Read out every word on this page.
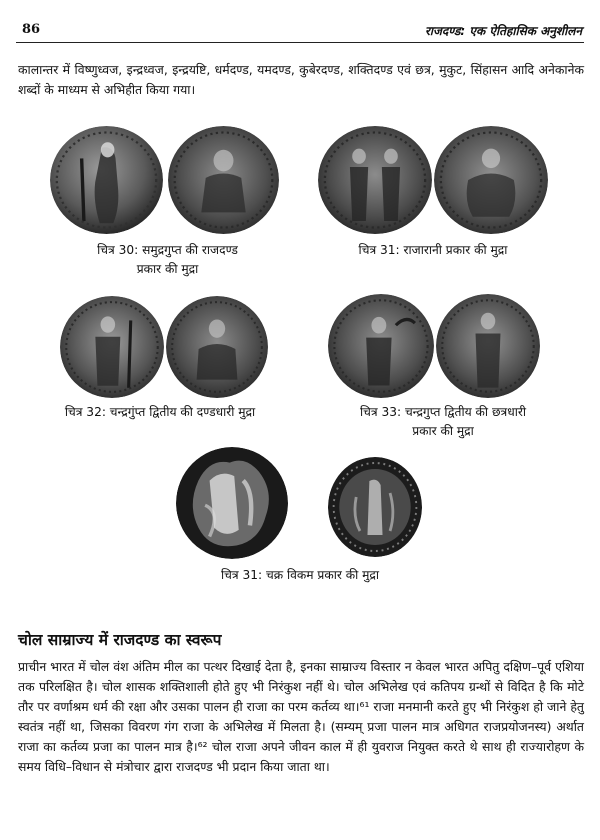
86	राजदण्ड: एक ऐतिहासिक अनुशीलन

कालान्तर में विष्णुध्वज, इन्द्रध्वज, इन्द्रयष्टि, धर्मदण्ड, यमदण्ड, कुबेरदण्ड, शक्तिदण्ड एवं छत्र, मुकुट, सिंहासन आदि अनेकानेक शब्दों के माध्यम से अभिहीत किया गया।

चित्र 30: समुद्रगुप्त की राजदण्ड
प्रकार की मुद्रा
चित्र 31: राजारानी प्रकार की मुद्रा
चित्र 32: चन्द्रगुंप्त द्वितीय की दण्डधारी मुद्रा	चित्र 33: चन्द्रगुप्त द्वितीय की छत्रधारी
प्रकार की मुद्रा
चित्र 31: चक्र विकम प्रकार की मुद्रा
चोल साम्राज्य में राजदण्ड का स्वरूप

प्राचीन भारत में चोल वंश अंतिम मील का पत्थर दिखाई देता है, इनका साम्राज्य विस्तार न केवल भारत अपितु दक्षिण–पूर्व एशिया तक परिलक्षित है। चोल शासक शक्तिशाली होते हुए भी निरंकुश नहीं थे। चोल अभिलेख एवं कतिपय ग्रन्थों से विदित है कि मोटे तौर पर वर्णाश्रम धर्म की रक्षा और उसका पालन ही राजा का परम कर्तव्य था।⁶¹ राजा मनमानी करते हुए भी निरंकुश हो जाने हेतु स्वतंत्र नहीं था, जिसका विवरण गंग राजा के अभिलेख में मिलता है। (सम्यम् प्रजा पालन मात्र अधिगत राजप्रयोजनस्य) अर्थात राजा का कर्तव्य प्रजा का पालन मात्र है।⁶² चोल राजा अपने जीवन काल में ही युवराज नियुक्त करते थे साथ ही राज्यारोहण के समय विधि–विधान से मंत्रोचार द्वारा राजदण्ड भी प्रदान किया जाता था।
